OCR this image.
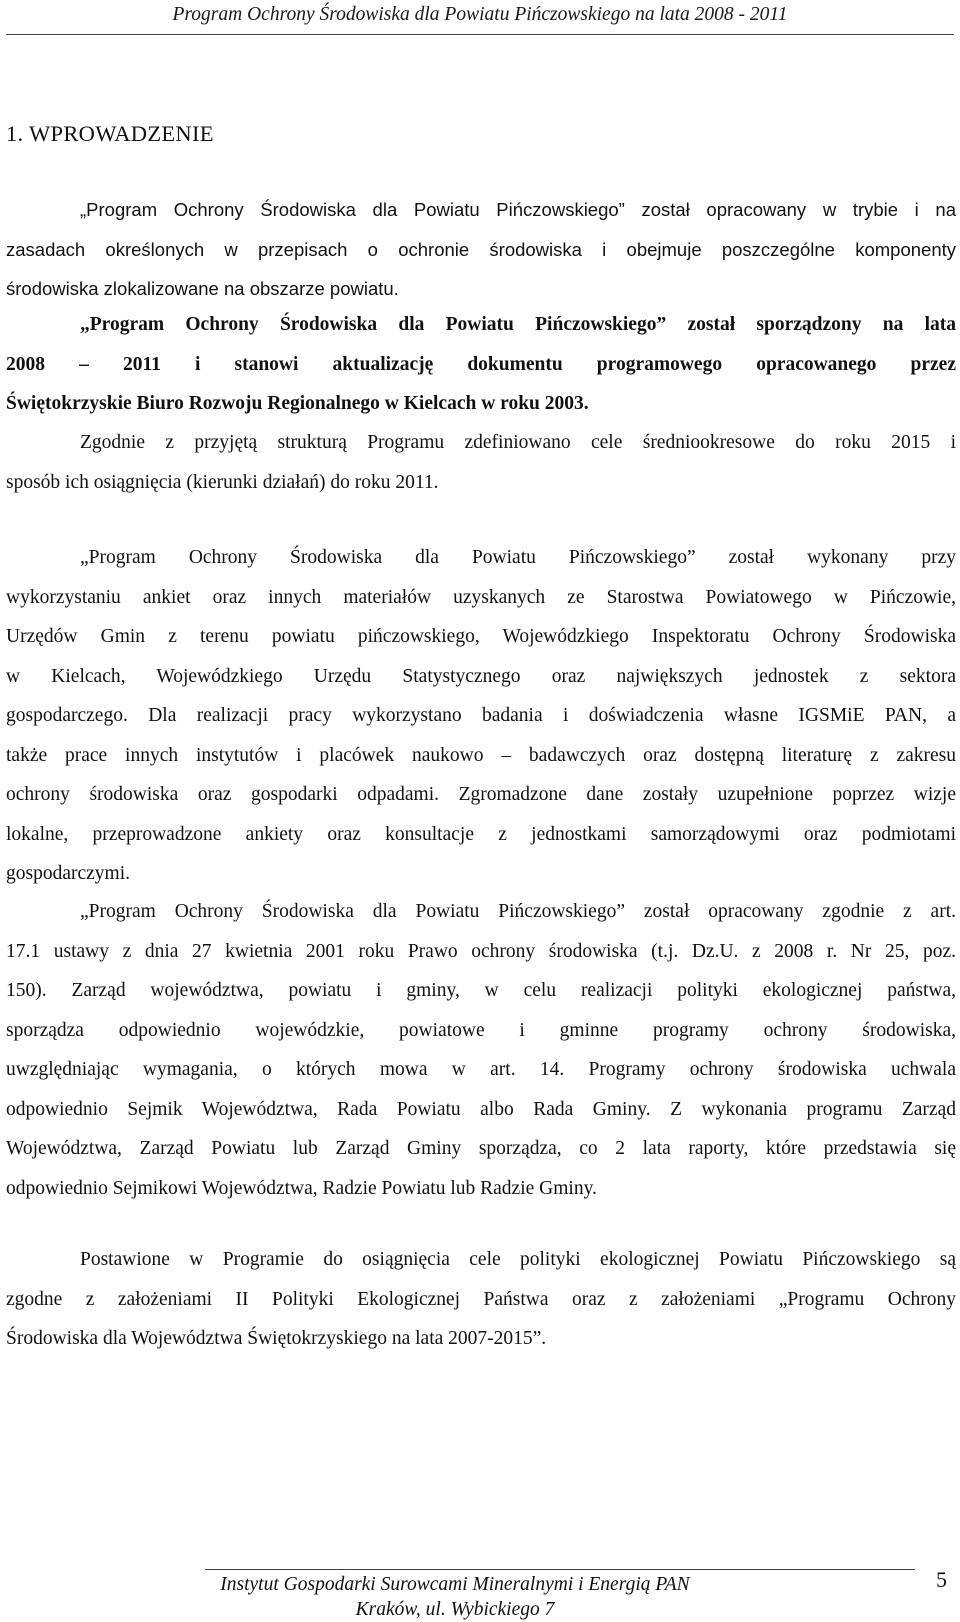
Program Ochrony Środowiska dla Powiatu Pińczowskiego na lata 2008 - 2011
1. WPROWADZENIE
„Program Ochrony Środowiska dla Powiatu Pińczowskiego” został opracowany w trybie i na
zasadach określonych w przepisach o ochronie środowiska i obejmuje poszczególne komponenty
środowiska zlokalizowane na obszarze powiatu.
„Program Ochrony Środowiska dla Powiatu Pińczowskiego” został sporządzony na lata
2008 – 2011 i stanowi aktualizację dokumentu programowego opracowanego przez
Świętokrzyskie Biuro Rozwoju Regionalnego w Kielcach w roku 2003.
Zgodnie z przyjętą strukturą Programu zdefiniowano cele średniookresowe do roku 2015 i
sposób ich osiągnięcia (kierunki działań) do roku 2011.
„Program Ochrony Środowiska dla Powiatu Pińczowskiego” został wykonany przy
wykorzystaniu ankiet oraz innych materiałów uzyskanych ze Starostwa Powiatowego w Pińczowie,
Urzędów Gmin z terenu powiatu pińczowskiego, Wojewódzkiego Inspektoratu Ochrony Środowiska
w Kielcach, Wojewódzkiego Urzędu Statystycznego oraz największych jednostek z sektora
gospodarczego. Dla realizacji pracy wykorzystano badania i doświadczenia własne IGSMiE PAN, a
także prace innych instytutów i placówek naukowo – badawczych oraz dostępną literaturę z zakresu
ochrony środowiska oraz gospodarki odpadami. Zgromadzone dane zostały uzupełnione poprzez wizje
lokalne, przeprowadzone ankiety oraz konsultacje z jednostkami samorządowymi oraz podmiotami
gospodarczymi.
„Program Ochrony Środowiska dla Powiatu Pińczowskiego” został opracowany zgodnie z art.
17.1 ustawy z dnia 27 kwietnia 2001 roku Prawo ochrony środowiska (t.j. Dz.U. z 2008 r. Nr 25, poz.
150). Zarząd województwa, powiatu i gminy, w celu realizacji polityki ekologicznej państwa,
sporządza odpowiednio wojewódzkie, powiatowe i gminne programy ochrony środowiska,
uwzględniając wymagania, o których mowa w art. 14. Programy ochrony środowiska uchwala
odpowiednio Sejmik Województwa, Rada Powiatu albo Rada Gminy. Z wykonania programu Zarząd
Województwa, Zarząd Powiatu lub Zarząd Gminy sporządza, co 2 lata raporty, które przedstawia się
odpowiednio Sejmikowi Województwa, Radzie Powiatu lub Radzie Gminy.
Postawione w Programie do osiągnięcia cele polityki ekologicznej Powiatu Pińczowskiego są
zgodne z założeniami II Polityki Ekologicznej Państwa oraz z założeniami „Programu Ochrony
Środowiska dla Województwa Świętokrzyskiego na lata 2007-2015”.
Instytut Gospodarki Surowcami Mineralnymi i Energią PAN
Kraków, ul. Wybickiego 7
5
